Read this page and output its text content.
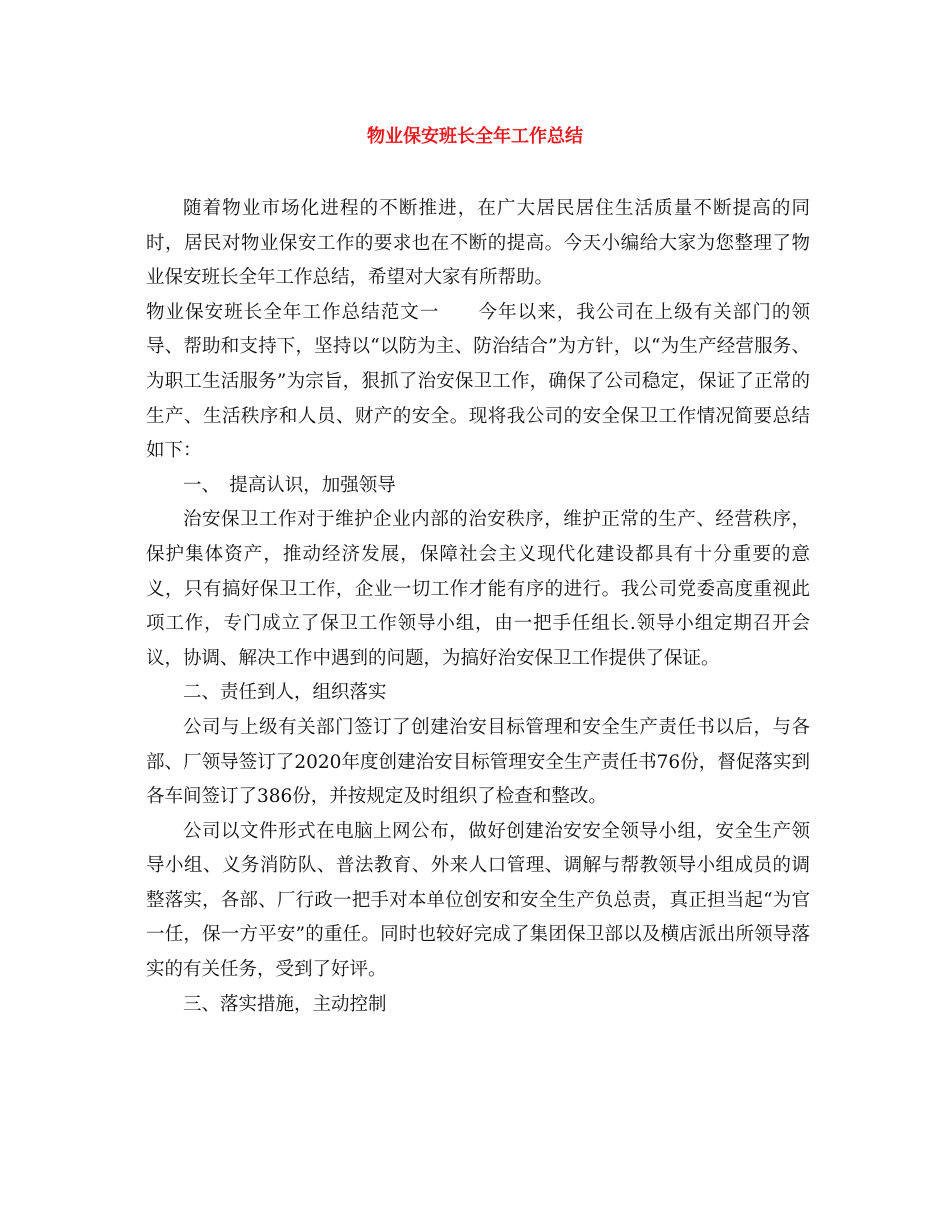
物业保安班长全年工作总结

随着物业市场化进程的不断推进，在广大居民居住生活质量不断提高的同时，居民对物业保安工作的要求也在不断的提高。今天小编给大家为您整理了物业保安班长全年工作总结，希望对大家有所帮助。

物业保安班长全年工作总结范文一　　今年以来，我公司在上级有关部门的领导、帮助和支持下，坚持以“以防为主、防治结合”为方针，以“为生产经营服务、为职工生活服务”为宗旨，狠抓了治安保卫工作，确保了公司稳定，保证了正常的生产、生活秩序和人员、财产的安全。现将我公司的安全保卫工作情况简要总结如下：

一、　提高认识，加强领导

治安保卫工作对于维护企业内部的治安秩序，维护正常的生产、经营秩序，保护集体资产，推动经济发展，保障社会主义现代化建设都具有十分重要的意义，只有搞好保卫工作，企业一切工作才能有序的进行。我公司党委高度重视此项工作，专门成立了保卫工作领导小组，由一把手任组长.领导小组定期召开会议，协调、解决工作中遇到的问题，为搞好治安保卫工作提供了保证。

二、责任到人，组织落实

公司与上级有关部门签订了创建治安目标管理和安全生产责任书以后，与各部、厂领导签订了2020年度创建治安目标管理安全生产责任书76份，督促落实到各车间签订了386份，并按规定及时组织了检查和整改。

公司以文件形式在电脑上网公布，做好创建治安安全领导小组，安全生产领导小组、义务消防队、普法教育、外来人口管理、调解与帮教领导小组成员的调整落实，各部、厂行政一把手对本单位创安和安全生产负总责，真正担当起“为官一任，保一方平安”的重任。同时也较好完成了集团保卫部以及横店派出所领导落实的有关任务，受到了好评。

三、落实措施，主动控制
